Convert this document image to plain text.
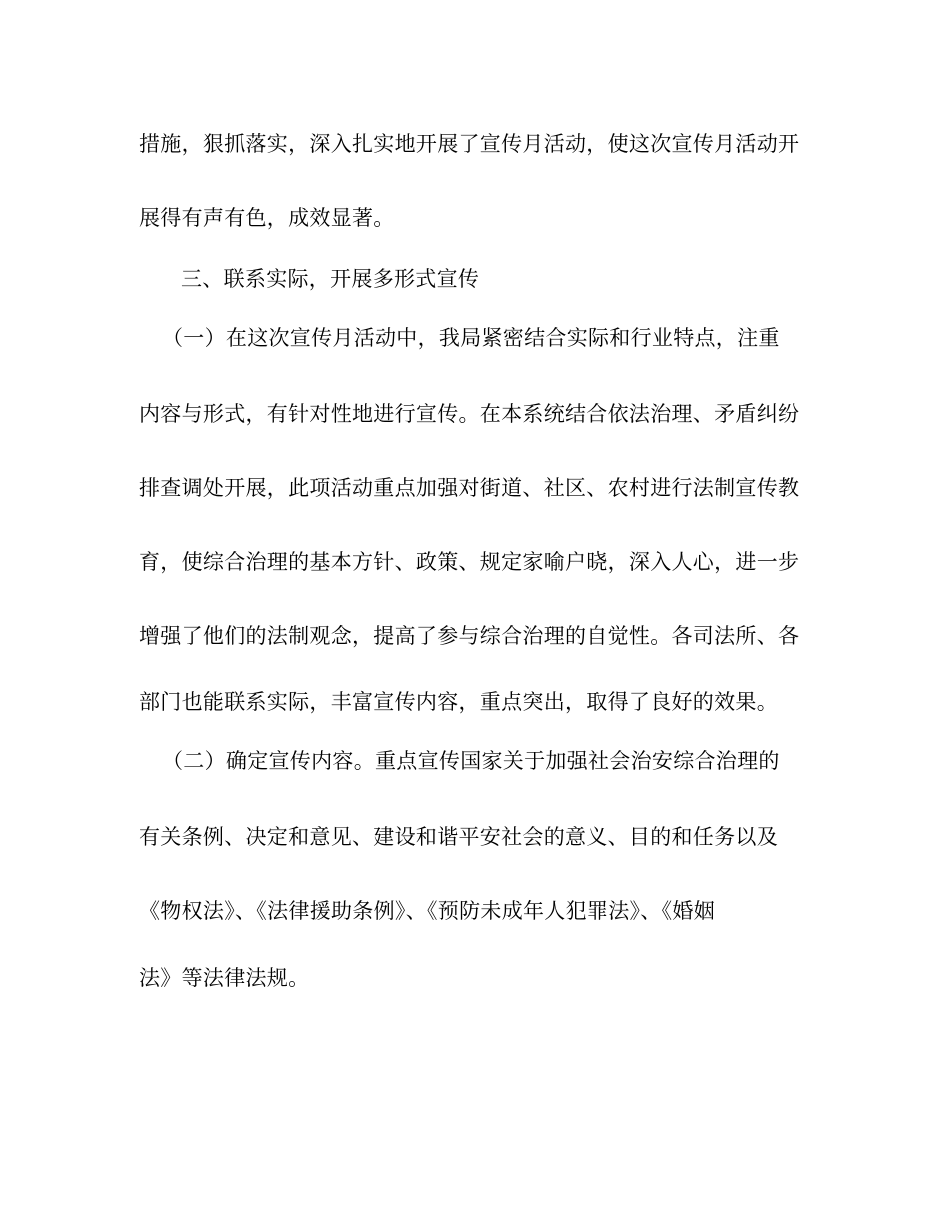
措施，狠抓落实，深入扎实地开展了宣传月活动，使这次宣传月活动开
展得有声有色，成效显著。
三、联系实际，开展多形式宣传
（一）在这次宣传月活动中，我局紧密结合实际和行业特点，注重
内容与形式，有针对性地进行宣传。在本系统结合依法治理、矛盾纠纷
排查调处开展，此项活动重点加强对街道、社区、农村进行法制宣传教
育，使综合治理的基本方针、政策、规定家喻户晓，深入人心，进一步
增强了他们的法制观念，提高了参与综合治理的自觉性。各司法所、各
部门也能联系实际，丰富宣传内容，重点突出，取得了良好的效果。
（二）确定宣传内容。重点宣传国家关于加强社会治安综合治理的
有关条例、决定和意见、建设和谐平安社会的意义、目的和任务以及
《物权法》、《法律援助条例》、《预防未成年人犯罪法》、《婚姻
法》等法律法规。
